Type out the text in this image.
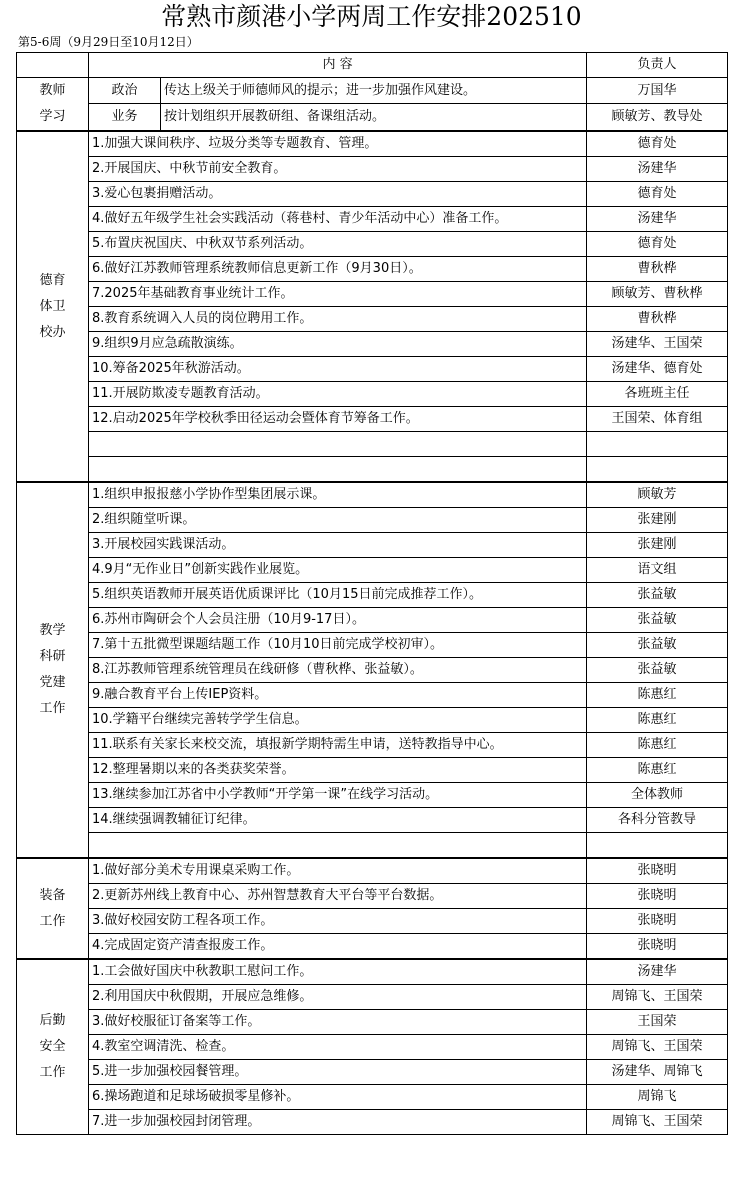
常熟市颜港小学两周工作安排202510
第5-6周（9月29日至10月12日）
	内 容		负责人

教师
学习	政治	传达上级关于师德师风的提示；进一步加强作风建设。	万国华
	业务	按计划组织开展教研组、备课组活动。	顾敏芳、教导处

德育
体卫
校办	1.加强大课间秩序、垃圾分类等专题教育、管理。		德育处
	2.开展国庆、中秋节前安全教育。		汤建华
	3.爱心包裹捐赠活动。		德育处
	4.做好五年级学生社会实践活动（蒋巷村、青少年活动中心）准备工作。		汤建华
	5.布置庆祝国庆、中秋双节系列活动。		德育处
	6.做好江苏教师管理系统教师信息更新工作（9月30日）。		曹秋桦
	7.2025年基础教育事业统计工作。		顾敏芳、曹秋桦
	8.教育系统调入人员的岗位聘用工作。		曹秋桦
	9.组织9月应急疏散演练。		汤建华、王国荣
	10.筹备2025年秋游活动。		汤建华、德育处
	11.开展防欺凌专题教育活动。		各班班主任
	12.启动2025年学校秋季田径运动会暨体育节筹备工作。		王国荣、体育组

教学
科研
党建
工作	1.组织申报报慈小学协作型集团展示课。		顾敏芳
	2.组织随堂听课。		张建刚
	3.开展校园实践课活动。		张建刚
	4.9月“无作业日”创新实践作业展览。		语文组
	5.组织英语教师开展英语优质课评比（10月15日前完成推荐工作）。		张益敏
	6.苏州市陶研会个人会员注册（10月9-17日）。		张益敏
	7.第十五批微型课题结题工作（10月10日前完成学校初审）。		张益敏
	8.江苏教师管理系统管理员在线研修（曹秋桦、张益敏）。		张益敏
	9.融合教育平台上传IEP资料。		陈惠红
	10.学籍平台继续完善转学学生信息。		陈惠红
	11.联系有关家长来校交流，填报新学期特需生申请，送特教指导中心。		陈惠红
	12.整理暑期以来的各类获奖荣誉。		陈惠红
	13.继续参加江苏省中小学教师“开学第一课”在线学习活动。		全体教师
	14.继续强调教辅征订纪律。		各科分管教导

装备
工作	1.做好部分美术专用课桌采购工作。		张晓明
	2.更新苏州线上教育中心、苏州智慧教育大平台等平台数据。		张晓明
	3.做好校园安防工程各项工作。		张晓明
	4.完成固定资产清查报废工作。		张晓明

后勤
安全
工作	1.工会做好国庆中秋教职工慰问工作。		汤建华
	2.利用国庆中秋假期，开展应急维修。		周锦飞、王国荣
	3.做好校服征订备案等工作。		王国荣
	4.教室空调清洗、检查。		周锦飞、王国荣
	5.进一步加强校园餐管理。		汤建华、周锦飞
	6.操场跑道和足球场破损零星修补。		周锦飞
	7.进一步加强校园封闭管理。		周锦飞、王国荣
